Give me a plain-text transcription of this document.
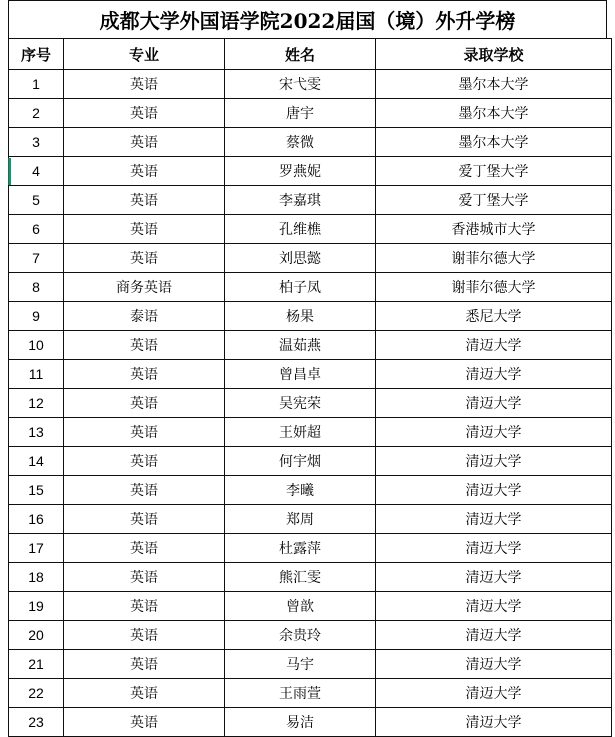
成都大学外国语学院2022届国（境）外升学榜
序号	专业	姓名	录取学校
1	英语	宋弋雯	墨尔本大学
2	英语	唐宇	墨尔本大学
3	英语	蔡微	墨尔本大学
4	英语	罗燕妮	爱丁堡大学
5	英语	李嘉琪	爱丁堡大学
6	英语	孔维樵	香港城市大学
7	英语	刘思懿	谢菲尔德大学
8	商务英语	柏子凤	谢菲尔德大学
9	泰语	杨果	悉尼大学
10	英语	温茹燕	清迈大学
11	英语	曾昌卓	清迈大学
12	英语	吴宪荣	清迈大学
13	英语	王妍超	清迈大学
14	英语	何宇烟	清迈大学
15	英语	李曦	清迈大学
16	英语	郑周	清迈大学
17	英语	杜露萍	清迈大学
18	英语	熊汇雯	清迈大学
19	英语	曾歆	清迈大学
20	英语	余贵玲	清迈大学
21	英语	马宇	清迈大学
22	英语	王雨萱	清迈大学
23	英语	易洁	清迈大学
